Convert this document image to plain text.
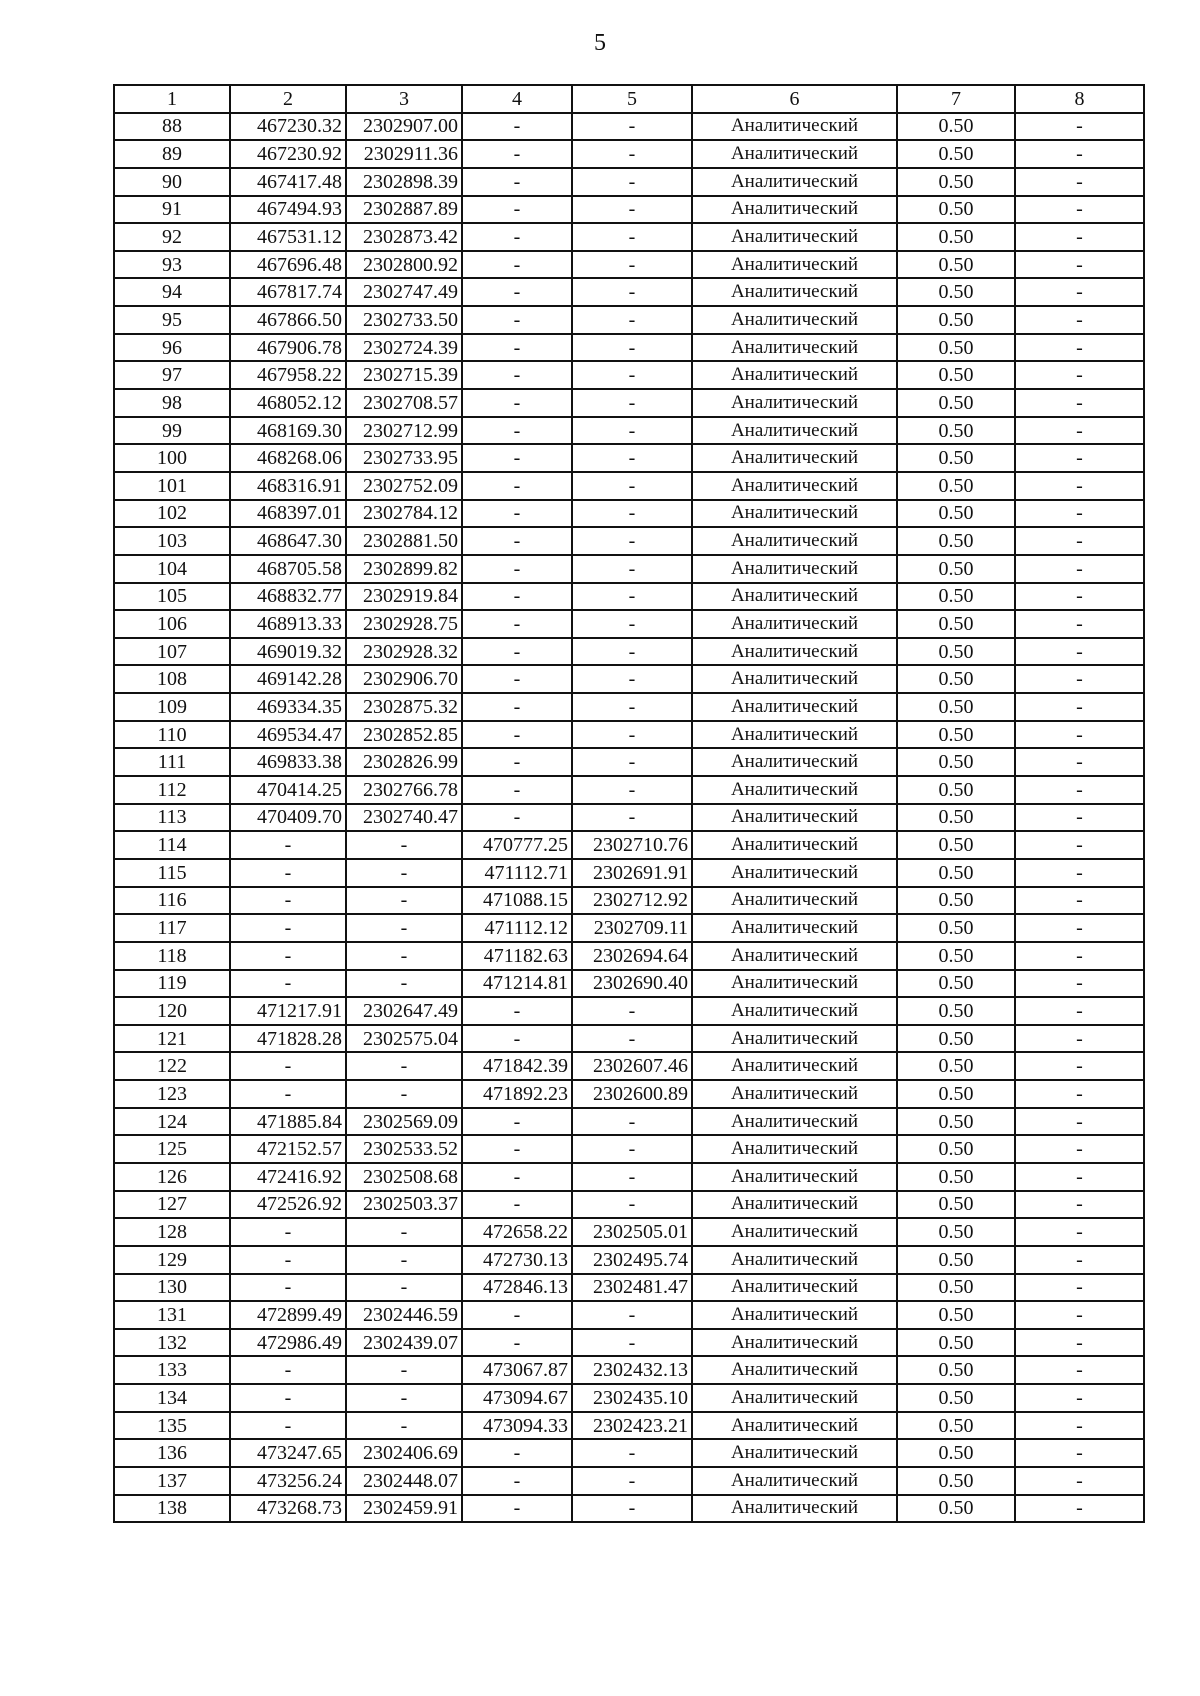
5
1	2	3	4	5	6	7	8
88	467230.32	2302907.00	-	-	Аналитический	0.50	-
89	467230.92	2302911.36	-	-	Аналитический	0.50	-
90	467417.48	2302898.39	-	-	Аналитический	0.50	-
91	467494.93	2302887.89	-	-	Аналитический	0.50	-
92	467531.12	2302873.42	-	-	Аналитический	0.50	-
93	467696.48	2302800.92	-	-	Аналитический	0.50	-
94	467817.74	2302747.49	-	-	Аналитический	0.50	-
95	467866.50	2302733.50	-	-	Аналитический	0.50	-
96	467906.78	2302724.39	-	-	Аналитический	0.50	-
97	467958.22	2302715.39	-	-	Аналитический	0.50	-
98	468052.12	2302708.57	-	-	Аналитический	0.50	-
99	468169.30	2302712.99	-	-	Аналитический	0.50	-
100	468268.06	2302733.95	-	-	Аналитический	0.50	-
101	468316.91	2302752.09	-	-	Аналитический	0.50	-
102	468397.01	2302784.12	-	-	Аналитический	0.50	-
103	468647.30	2302881.50	-	-	Аналитический	0.50	-
104	468705.58	2302899.82	-	-	Аналитический	0.50	-
105	468832.77	2302919.84	-	-	Аналитический	0.50	-
106	468913.33	2302928.75	-	-	Аналитический	0.50	-
107	469019.32	2302928.32	-	-	Аналитический	0.50	-
108	469142.28	2302906.70	-	-	Аналитический	0.50	-
109	469334.35	2302875.32	-	-	Аналитический	0.50	-
110	469534.47	2302852.85	-	-	Аналитический	0.50	-
111	469833.38	2302826.99	-	-	Аналитический	0.50	-
112	470414.25	2302766.78	-	-	Аналитический	0.50	-
113	470409.70	2302740.47	-	-	Аналитический	0.50	-
114	-	-	470777.25	2302710.76	Аналитический	0.50	-
115	-	-	471112.71	2302691.91	Аналитический	0.50	-
116	-	-	471088.15	2302712.92	Аналитический	0.50	-
117	-	-	471112.12	2302709.11	Аналитический	0.50	-
118	-	-	471182.63	2302694.64	Аналитический	0.50	-
119	-	-	471214.81	2302690.40	Аналитический	0.50	-
120	471217.91	2302647.49	-	-	Аналитический	0.50	-
121	471828.28	2302575.04	-	-	Аналитический	0.50	-
122	-	-	471842.39	2302607.46	Аналитический	0.50	-
123	-	-	471892.23	2302600.89	Аналитический	0.50	-
124	471885.84	2302569.09	-	-	Аналитический	0.50	-
125	472152.57	2302533.52	-	-	Аналитический	0.50	-
126	472416.92	2302508.68	-	-	Аналитический	0.50	-
127	472526.92	2302503.37	-	-	Аналитический	0.50	-
128	-	-	472658.22	2302505.01	Аналитический	0.50	-
129	-	-	472730.13	2302495.74	Аналитический	0.50	-
130	-	-	472846.13	2302481.47	Аналитический	0.50	-
131	472899.49	2302446.59	-	-	Аналитический	0.50	-
132	472986.49	2302439.07	-	-	Аналитический	0.50	-
133	-	-	473067.87	2302432.13	Аналитический	0.50	-
134	-	-	473094.67	2302435.10	Аналитический	0.50	-
135	-	-	473094.33	2302423.21	Аналитический	0.50	-
136	473247.65	2302406.69	-	-	Аналитический	0.50	-
137	473256.24	2302448.07	-	-	Аналитический	0.50	-
138	473268.73	2302459.91	-	-	Аналитический	0.50	-
